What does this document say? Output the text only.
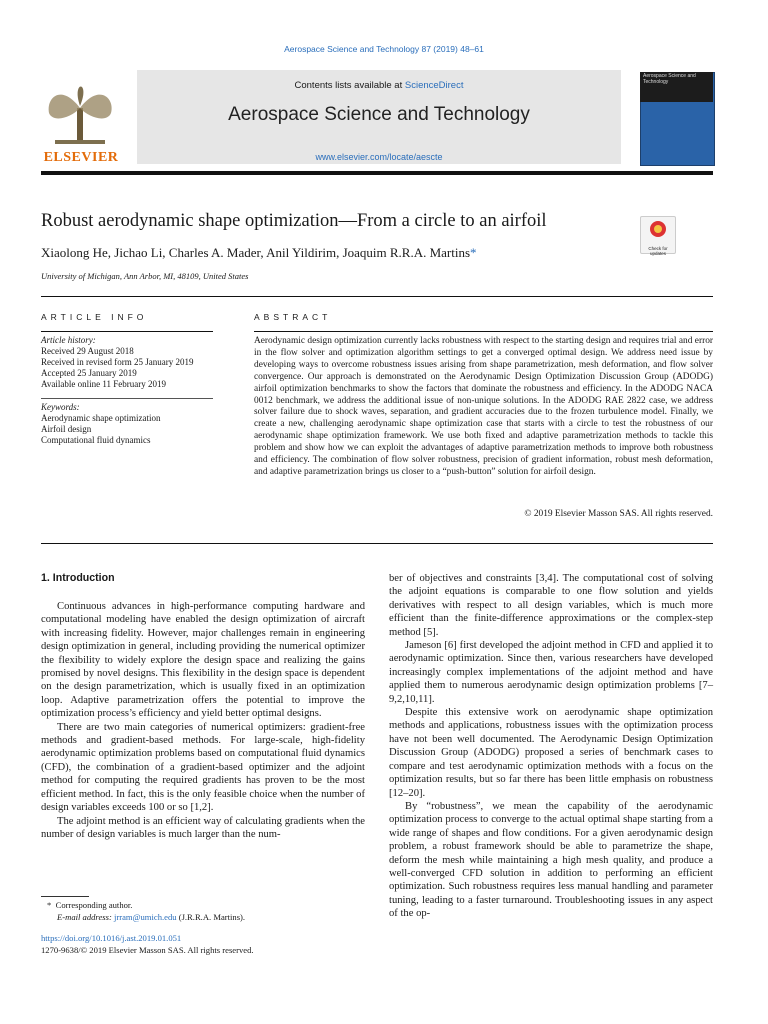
Aerospace Science and Technology 87 (2019) 48–61
ELSEVIER
Contents lists available at ScienceDirect
Aerospace Science and Technology
www.elsevier.com/locate/aescte
Aerospace Science and Technology
Robust aerodynamic shape optimization—From a circle to an airfoil
Check for updates
Xiaolong He, Jichao Li, Charles A. Mader, Anil Yildirim, Joaquim R.R.A. Martins*
University of Michigan, Ann Arbor, MI, 48109, United States
ARTICLE INFO
Article history:
Received 29 August 2018
Received in revised form 25 January 2019
Accepted 25 January 2019
Available online 11 February 2019
Keywords:
Aerodynamic shape optimization
Airfoil design
Computational fluid dynamics
ABSTRACT
Aerodynamic design optimization currently lacks robustness with respect to the starting design and requires trial and error in the flow solver and optimization algorithm settings to get a converged optimal design. We address need issue by developing ways to overcome robustness issues arising from shape parametrization, mesh deformation, and flow solver convergence. Our approach is demonstrated on the Aerodynamic Design Optimization Discussion Group (ADODG) airfoil optimization benchmarks to show the factors that dominate the robustness and efficiency. In the ADODG NACA 0012 benchmark, we address the additional issue of non-unique solutions. In the ADODG RAE 2822 case, we address solver failure due to shock waves, separation, and gradient accuracies due to the frozen turbulence model. Finally, we create a new, challenging aerodynamic shape optimization case that starts with a circle to test the robustness of our aerodynamic shape optimization framework. We use both fixed and adaptive parametrization methods to tackle this problem and show how we can exploit the advantages of adaptive parametrization methods to improve both robustness and efficiency. The combination of flow solver robustness, precision of gradient information, robust mesh deformation, and adaptive parametrization brings us closer to a “push-button” solution for airfoil design.
© 2019 Elsevier Masson SAS. All rights reserved.
1. Introduction

Continuous advances in high-performance computing hardware and computational modeling have enabled the design optimization of aircraft with increasing fidelity. However, major challenges remain in engineering design optimization in general, including providing the numerical optimizer the flexibility to widely explore the design space and realizing the gains promised by novel designs. This flexibility in the design space is dependent on the design parametrization, which is usually fixed in an optimization loop. Adaptive parametrization offers the potential to improve the optimization process’s efficiency and yield better optimal designs.

There are two main categories of numerical optimizers: gradient-free methods and gradient-based methods. For large-scale, high-fidelity aerodynamic optimization problems based on computational fluid dynamics (CFD), the combination of a gradient-based optimizer and the adjoint method for computing the required gradients has proven to be the most efficient method. In fact, this is the only feasible choice when the number of design variables exceeds 100 or so [1,2].

The adjoint method is an efficient way of calculating gradients when the number of design variables is much larger than the num-

ber of objectives and constraints [3,4]. The computational cost of solving the adjoint equations is comparable to one flow solution and yields derivatives with respect to all design variables, which is much more efficient than the finite-difference approximations or the complex-step method [5].

Jameson [6] first developed the adjoint method in CFD and applied it to aerodynamic optimization. Since then, various researchers have developed increasingly complex implementations of the adjoint method and have applied them to numerous aerodynamic design optimization problems [7–9,2,10,11].

Despite this extensive work on aerodynamic shape optimization methods and applications, robustness issues with the optimization process have not been well documented. The Aerodynamic Design Optimization Discussion Group (ADODG) proposed a series of benchmark cases to compare and test aerodynamic optimization methods with a focus on the optimization results, but so far there has been little emphasis on robustness [12–20].

By “robustness”, we mean the capability of the aerodynamic optimization process to converge to the actual optimal shape starting from a wide range of shapes and flow conditions. For a given aerodynamic design problem, a robust framework should be able to parametrize the shape, deform the mesh while maintaining a high mesh quality, and produce a well-converged CFD solution in addition to performing an efficient optimization. Such robustness requires less manual handling and parameter tuning, leading to a faster turnaround. Troubleshooting issues in any aspect of the op-

*  Corresponding author.
E-mail address: jrram@umich.edu (J.R.R.A. Martins).
https://doi.org/10.1016/j.ast.2019.01.051
1270-9638/© 2019 Elsevier Masson SAS. All rights reserved.
